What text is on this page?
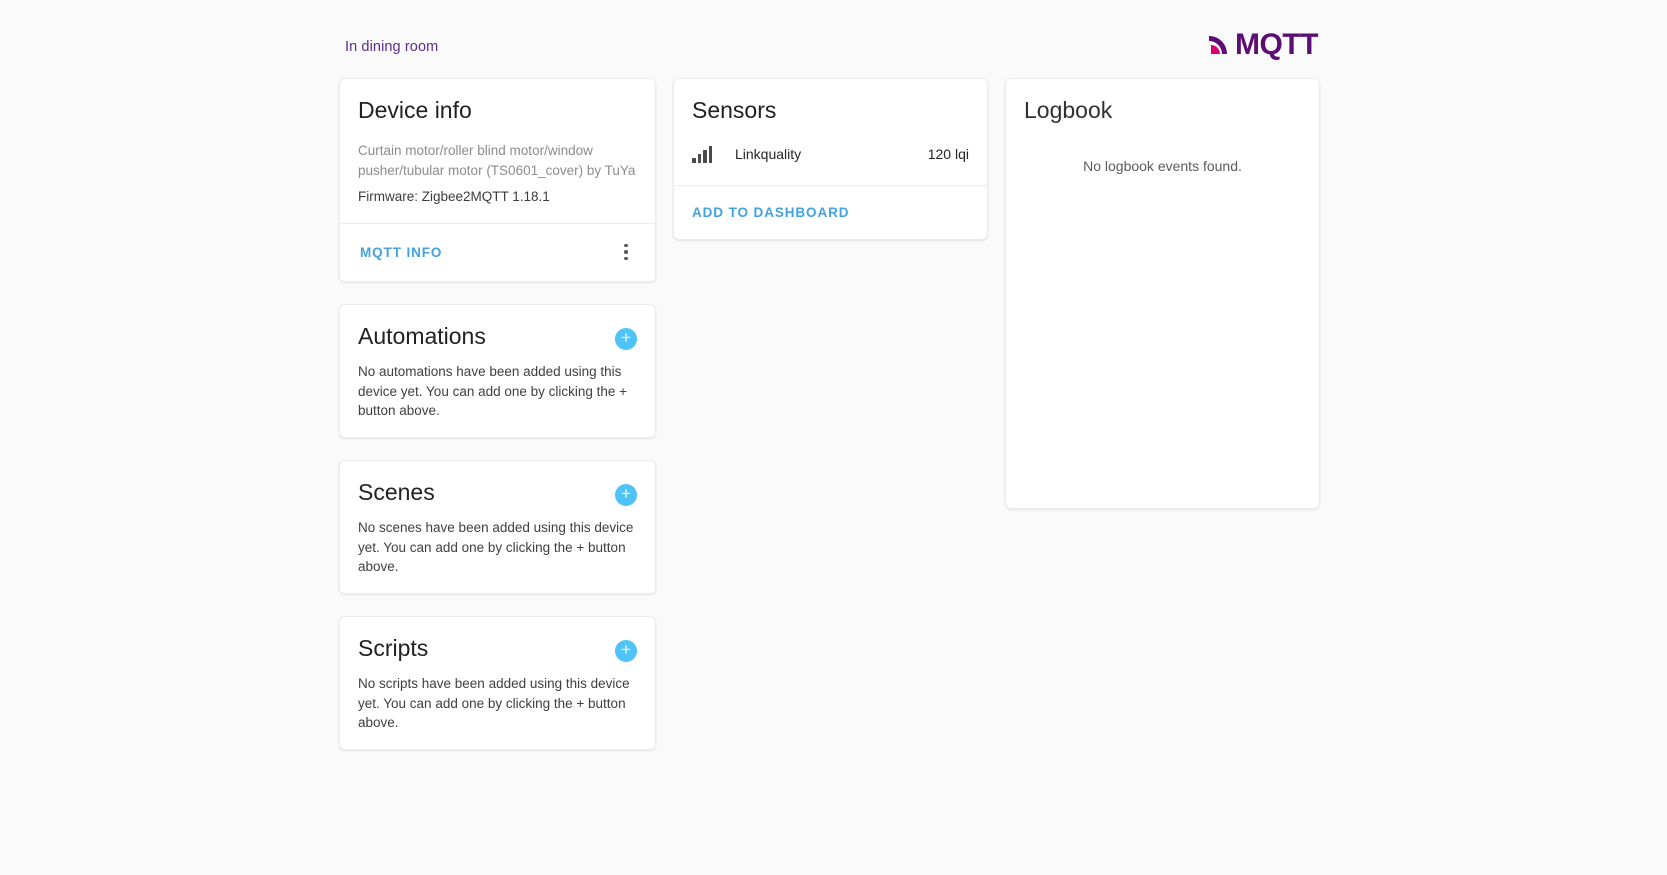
In dining room	MQTT
Device info

Curtain motor/roller blind motor/window pusher/tubular motor (TS0601_cover) by TuYa

Firmware: Zigbee2MQTT 1.18.1

MQTT INFO
Automations	+

No automations have been added using this device yet. You can add one by clicking the + button above.

Scenes	+

No scenes have been added using this device yet. You can add one by clicking the + button above.

Scripts	+

No scripts have been added using this device yet. You can add one by clicking the + button above.

Sensors
Linkquality	120 lqi
ADD TO DASHBOARD
Logbook
No logbook events found.
